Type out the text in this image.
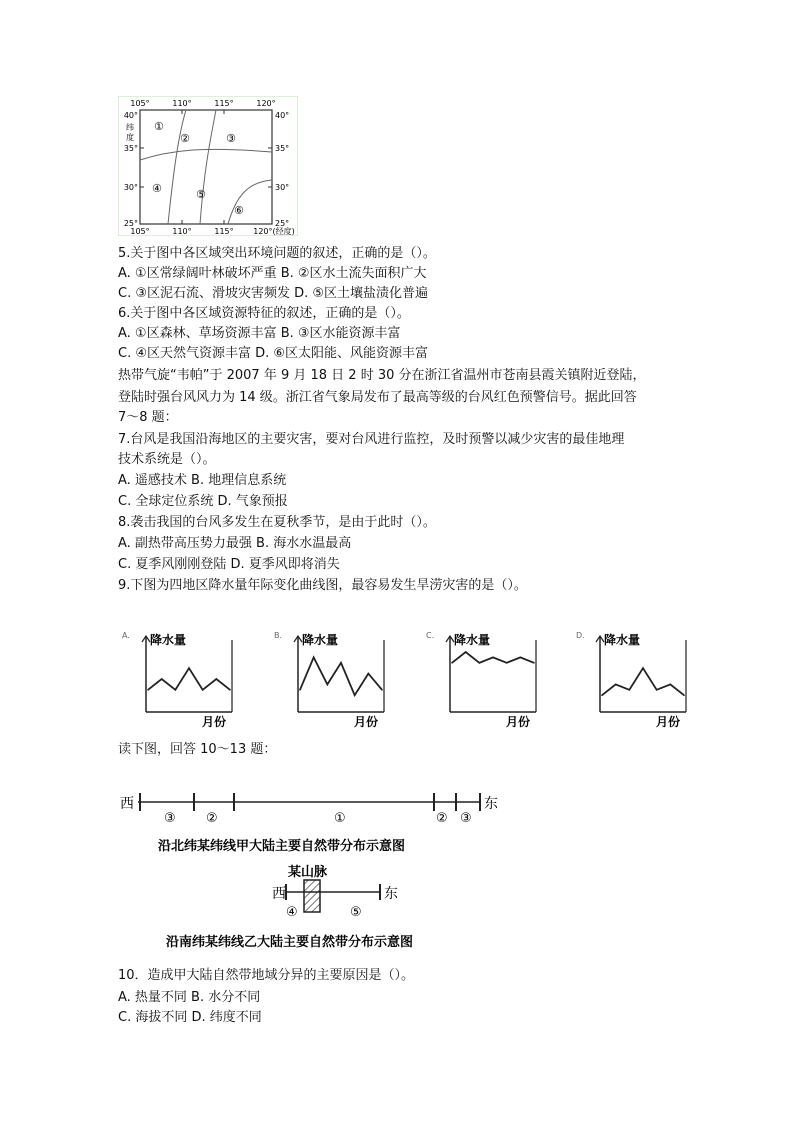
105°	110°	115°	120°
105°	110°	115° 120°(经度)
40°
35°
30°
25°
纬
度
40°
35°
30°
25°
①
②	③
④	⑤
⑥
5.关于图中各区域突出环境问题的叙述，正确的是（）。
A. ①区常绿阔叶林破坏严重 B. ②区水土流失面积广大
C. ③区泥石流、滑坡灾害频发 D. ⑤区土壤盐渍化普遍
6.关于图中各区域资源特征的叙述，正确的是（）。
A. ①区森林、草场资源丰富 B. ③区水能资源丰富
C. ④区天然气资源丰富 D. ⑥区太阳能、风能资源丰富
热带气旋“韦帕”于 2007 年 9 月 18 日 2 时 30 分在浙江省温州市苍南县霞关镇附近登陆，
登陆时强台风风力为 14 级。浙江省气象局发布了最高等级的台风红色预警信号。据此回答
7～8 题：
7.台风是我国沿海地区的主要灾害，要对台风进行监控，及时预警以减少灾害的最佳地理
技术系统是（）。
A. 遥感技术 B. 地理信息系统
C. 全球定位系统 D. 气象预报
8.袭击我国的台风多发生在夏秋季节，是由于此时（）。
A. 副热带高压势力最强 B. 海水水温最高
C. 夏季风刚刚登陆 D. 夏季风即将消失
9.下图为四地区降水量年际变化曲线图，最容易发生旱涝灾害的是（）。
A. 降水量
月份
B. 降水量
月份
C. 降水量
月份
D. 降水量
月份
读下图，回答 10～13 题：
西	东
③ ②	①	② ③
沿北纬某纬线甲大陆主要自然带分布示意图
某山脉
西	东
④	⑤
沿南纬某纬线乙大陆主要自然带分布示意图
10．造成甲大陆自然带地域分异的主要原因是（）。
A. 热量不同 B. 水分不同
C. 海拔不同 D. 纬度不同
